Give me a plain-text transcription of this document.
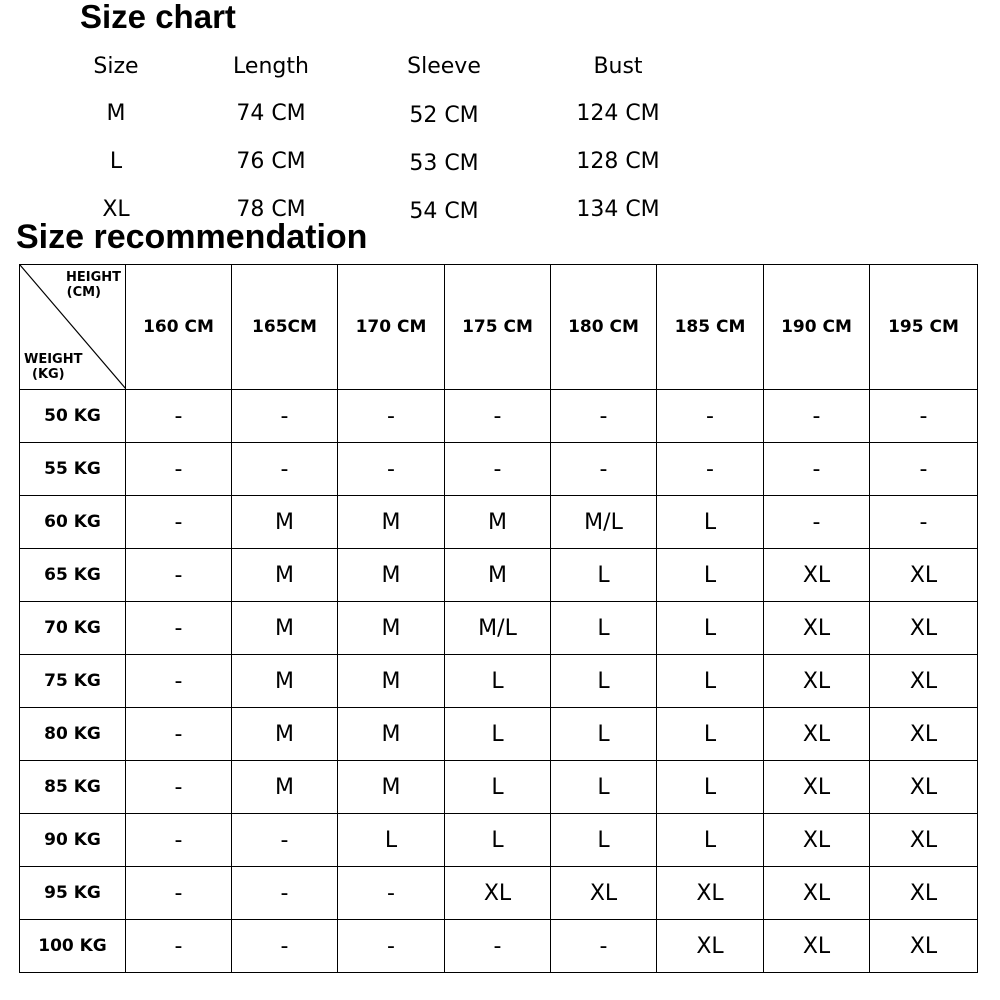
Size chart
Size	Length	Sleeve	Bust
M	74 CM	52 CM	124 CM
L	76 CM	53 CM	128 CM
XL	78 CM	54 CM	134 CM
Size recommendation
HEIGHT
(CM)
WEIGHT
(KG)	160 CM	165CM	170 CM	175 CM	180 CM	185 CM	190 CM	195 CM
50 KG	-	-	-	-	-	-	-	-
55 KG	-	-	-	-	-	-	-	-
60 KG	-	M	M	M	M/L	L	-	-
65 KG	-	M	M	M	L	L	XL	XL
70 KG	-	M	M	M/L	L	L	XL	XL
75 KG	-	M	M	L	L	L	XL	XL
80 KG	-	M	M	L	L	L	XL	XL
85 KG	-	M	M	L	L	L	XL	XL
90 KG	-	-	L	L	L	L	XL	XL
95 KG	-	-	-	XL	XL	XL	XL	XL
100 KG	-	-	-	-	-	XL	XL	XL
